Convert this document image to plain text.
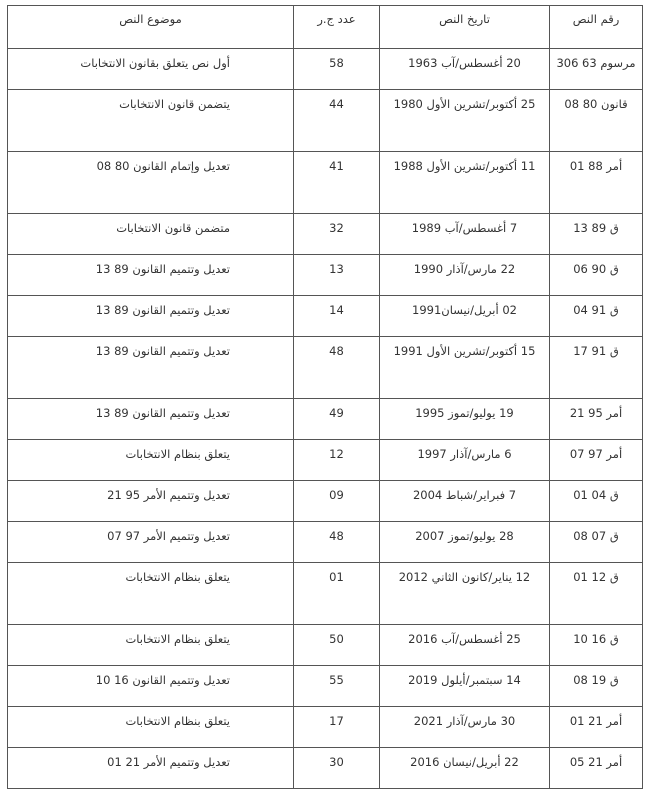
رقم النص	تاريخ النص	عدد ج.ر	موضوع النص
مرسوم 63 306	20 أغسطس/آب 1963	58	أول نص يتعلق بقانون الانتخابات
قانون 80 08	25 أكتوبر/تشرين الأول 1980	44	يتضمن قانون الانتخابات
أمر 88 01	11 أكتوبر/تشرين الأول 1988	41	تعديل وإتمام القانون 80 08
ق 89 13	7 أغسطس/آب 1989	32	متضمن قانون الانتخابات
ق 90 06	22 مارس/آذار 1990	13	تعديل وتتميم القانون 89 13
ق 91 04	02 أبريل/نيسان1991	14	تعديل وتتميم القانون 89 13
ق 91 17	15 أكتوبر/تشرين الأول 1991	48	تعديل وتتميم القانون 89 13
أمر 95 21	19 يوليو/تموز 1995	49	تعديل وتتميم القانون 89 13
أمر 97 07	6 مارس/آذار 1997	12	يتعلق بنظام الانتخابات
ق 04 01	7 فبراير/شباط 2004	09	تعديل وتتميم الأمر 95 21
ق 07 08	28 يوليو/تموز 2007	48	تعديل وتتميم الأمر 97 07
ق 12 01	12 يناير/كانون الثاني 2012	01	يتعلق بنظام الانتخابات
ق 16 10	25 أغسطس/آب 2016	50	يتعلق بنظام الانتخابات
ق 19 08	14 سبتمبر/أيلول 2019	55	تعديل وتتميم القانون 16 10
أمر 21 01	30 مارس/آذار 2021	17	يتعلق بنظام الانتخابات
أمر 21 05	22 أبريل/نيسان 2016	30	تعديل وتتميم الأمر 21 01
